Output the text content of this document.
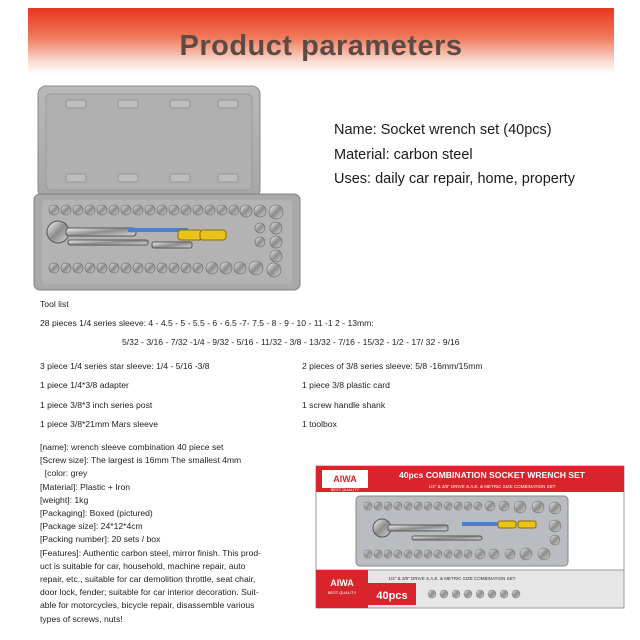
Product parameters
Name: Socket wrench set (40pcs)
Material: carbon steel
Uses: daily car repair, home, property
Tool list
28 pieces 1/4 series sleeve: 4 - 4.5 - 5 - 5.5 - 6 - 6.5 -7- 7.5 - 8 - 9 - 10 - 11 -1 2 - 13mm:
5/32 - 3/16 - 7/32 -1/4 - 9/32 - 5/16 - 11/32 - 3/8 - 13/32 - 7/16 - 15/32 - 1/2 - 17/ 32 - 9/16
3 piece 1/4 series star sleeve: 1/4 - 5/16 -3/8
1 piece 1/4*3/8 adapter
1 piece 3/8*3 inch series post
1 piece 3/8*21mm Mars sleeve
2 pieces of 3/8 series sleeve: 5/8 -16mm/15mm
1 piece 3/8 plastic card
1 screw handle shank
1 toolbox
[name]: wrench sleeve combination 40 piece set
[Screw size]: The largest is 16mm The smallest 4mm
[color: grey
[Material]: Plastic + Iron
[weight]: 1kg
[Packaging]: Boxed (pictured)
[Package size]: 24*12*4cm
[Packing number]: 20 sets / box
[Features]: Authentic carbon steel, mirror finish. This prod-
uct is suitable for car, household, machine repair, auto
repair, etc., suitable for car demolition throttle, seat chair,
door lock, fender; suitable for car interior decoration. Suit-
able for motorcycles, bicycle repair, disassemble various
types of screws, nuts!
AIWA
BEST QUALITY
40pcs COMBINATION SOCKET WRENCH SET
1/4" & 3/8" DRIVE S.A.E. & METRIC SIZE COMBINATION SET
AIWA
BEST QUALITY
1/4" & 3/8" DRIVE S.A.E. & METRIC SIZE COMBINATION SET
40pcs
